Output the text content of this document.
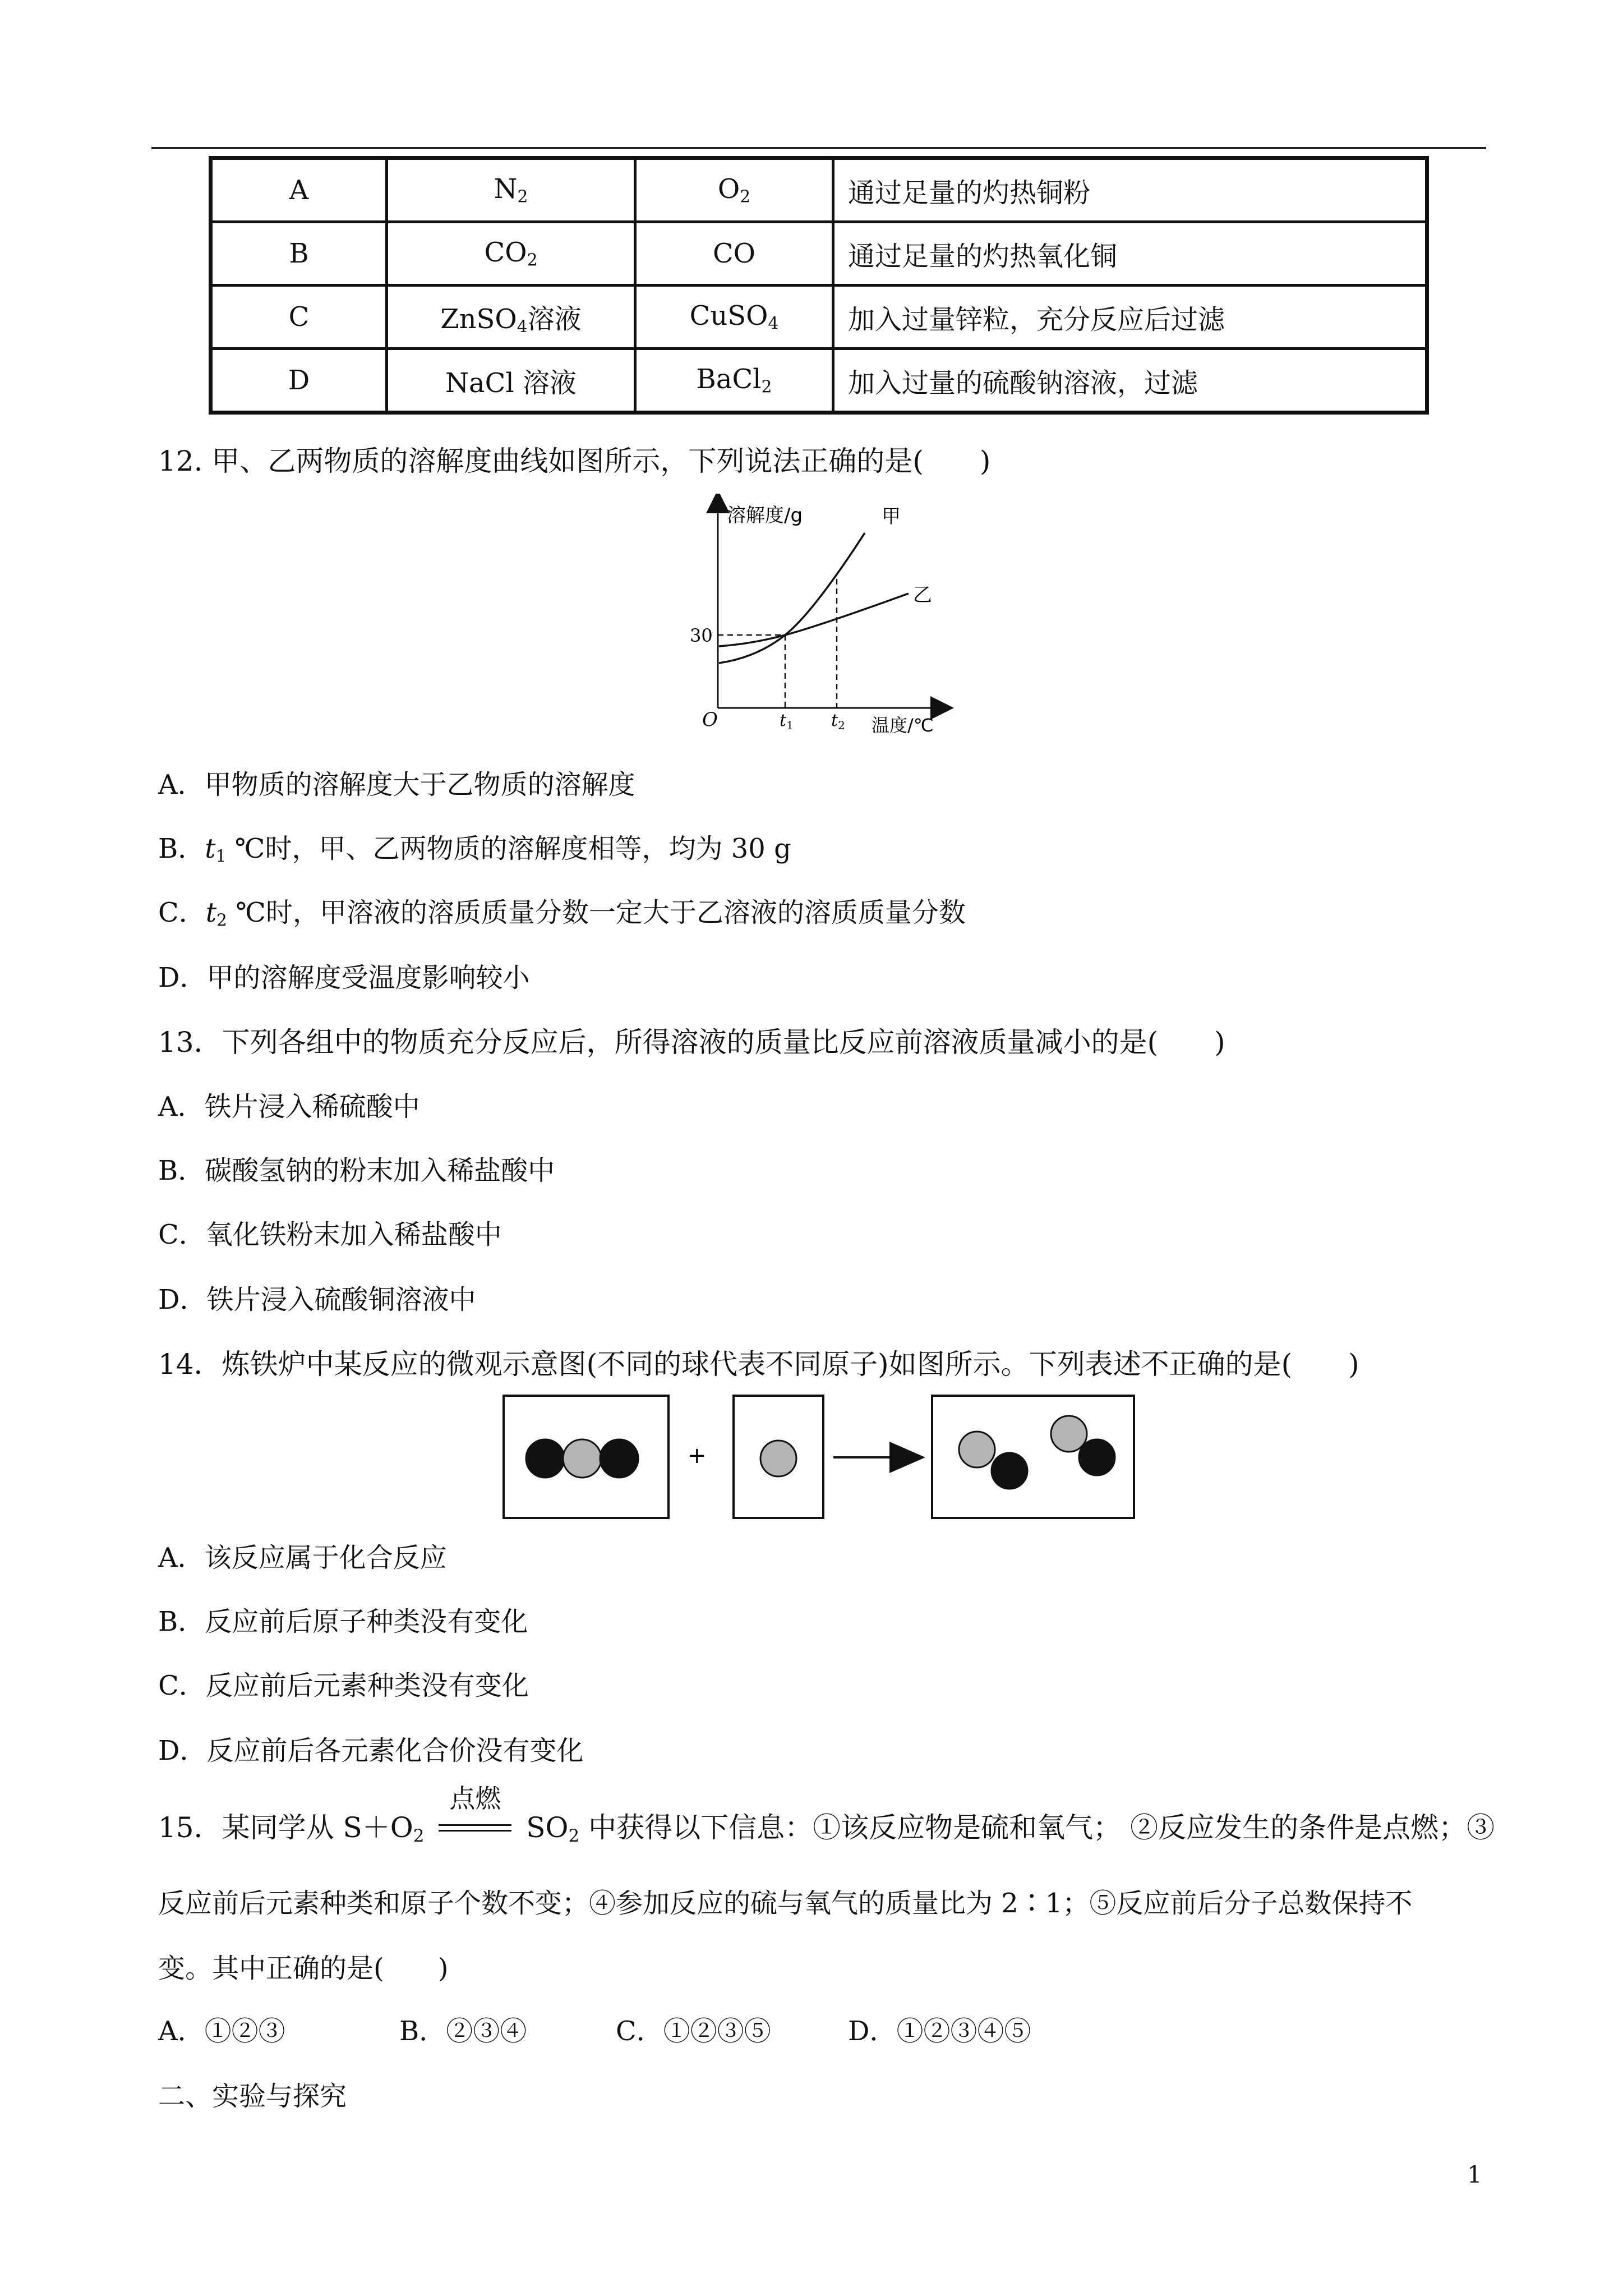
A	$N_2$	$O_2$	通过足量的灼热铜粉
B	$CO_2$	CO	通过足量的灼热氧化铜
C	ZnSO$_4$溶液	CuSO$_4$	加入过量锌粒，充分反应后过滤
D	NaCl 溶液	BaCl$_2$	加入过量的硫酸钠溶液，过滤
12. 甲、乙两物质的溶解度曲线如图所示，下列说法正确的是(　　)
溶解度/g	甲
乙
30
O	$t_1$ $t_2$ 温度/℃
A．甲物质的溶解度大于乙物质的溶解度
B．$t_1$ ℃时，甲、乙两物质的溶解度相等，均为 30 g
C．$t_2$ ℃时，甲溶液的溶质质量分数一定大于乙溶液的溶质质量分数
D．甲的溶解度受温度影响较小
13．下列各组中的物质充分反应后，所得溶液的质量比反应前溶液质量减小的是(　　)
A．铁片浸入稀硫酸中
B．碳酸氢钠的粉末加入稀盐酸中
C．氧化铁粉末加入稀盐酸中
D．铁片浸入硫酸铜溶液中
14．炼铁炉中某反应的微观示意图(不同的球代表不同原子)如图所示。下列表述不正确的是(　　)
+
A．该反应属于化合反应
B．反应前后原子种类没有变化
C．反应前后元素种类没有变化
D．反应前后各元素化合价没有变化
15．某同学从 $S+O_2$
点燃
$SO_2$ 中获得以下信息：①该反应物是硫和氧气； ②反应发生的条件是点燃；③
反应前后元素种类和原子个数不变；④参加反应的硫与氧气的质量比为 2∶1；⑤反应前后分子总数保持不
变。其中正确的是(　　)
A．①②③	B．②③④	C．①②③⑤	D．①②③④⑤
二、实验与探究
1
